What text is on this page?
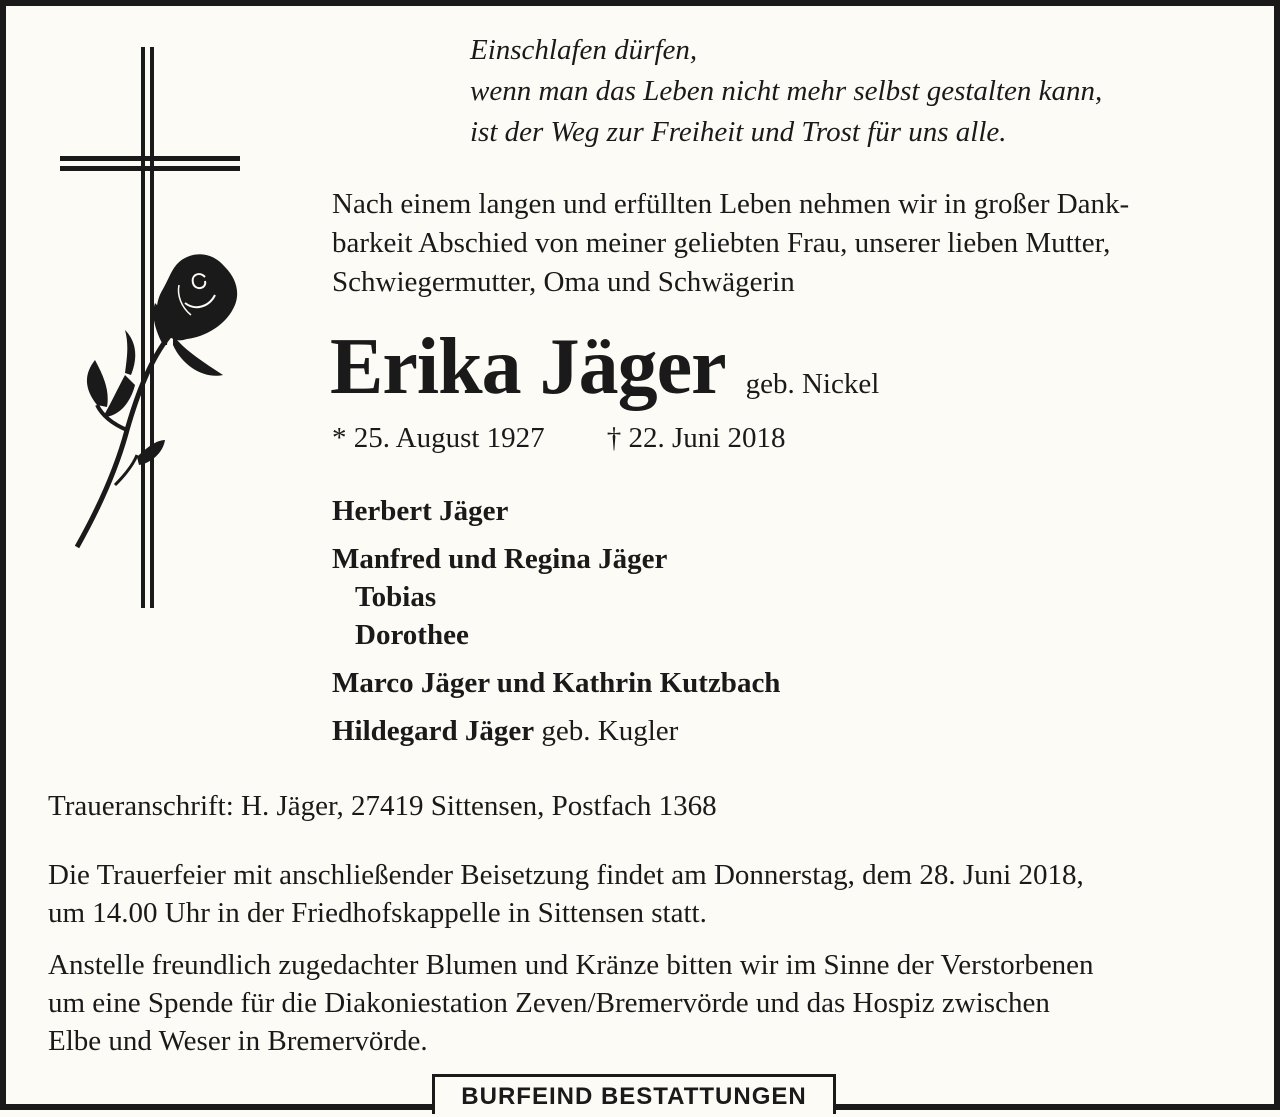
Einschlafen dürfen,
wenn man das Leben nicht mehr selbst gestalten kann,
ist der Weg zur Freiheit und Trost für uns alle.
Nach einem langen und erfüllten Leben nehmen wir in großer Dank-
barkeit Abschied von meiner geliebten Frau, unserer lieben Mutter,
Schwiegermutter, Oma und Schwägerin
Erika Jäger geb. Nickel
* 25. August 1927 † 22. Juni 2018
Herbert Jäger
Manfred und Regina Jäger
Tobias
Dorothee
Marco Jäger und Kathrin Kutzbach
Hildegard Jäger geb. Kugler
Traueranschrift: H. Jäger, 27419 Sittensen, Postfach 1368
Die Trauerfeier mit anschließender Beisetzung findet am Donnerstag, dem 28. Juni 2018,
um 14.00 Uhr in der Friedhofskappelle in Sittensen statt.
Anstelle freundlich zugedachter Blumen und Kränze bitten wir im Sinne der Verstorbenen
um eine Spende für die Diakoniestation Zeven/Bremervörde und das Hospiz zwischen
Elbe und Weser in Bremervörde.
BURFEIND BESTATTUNGEN
